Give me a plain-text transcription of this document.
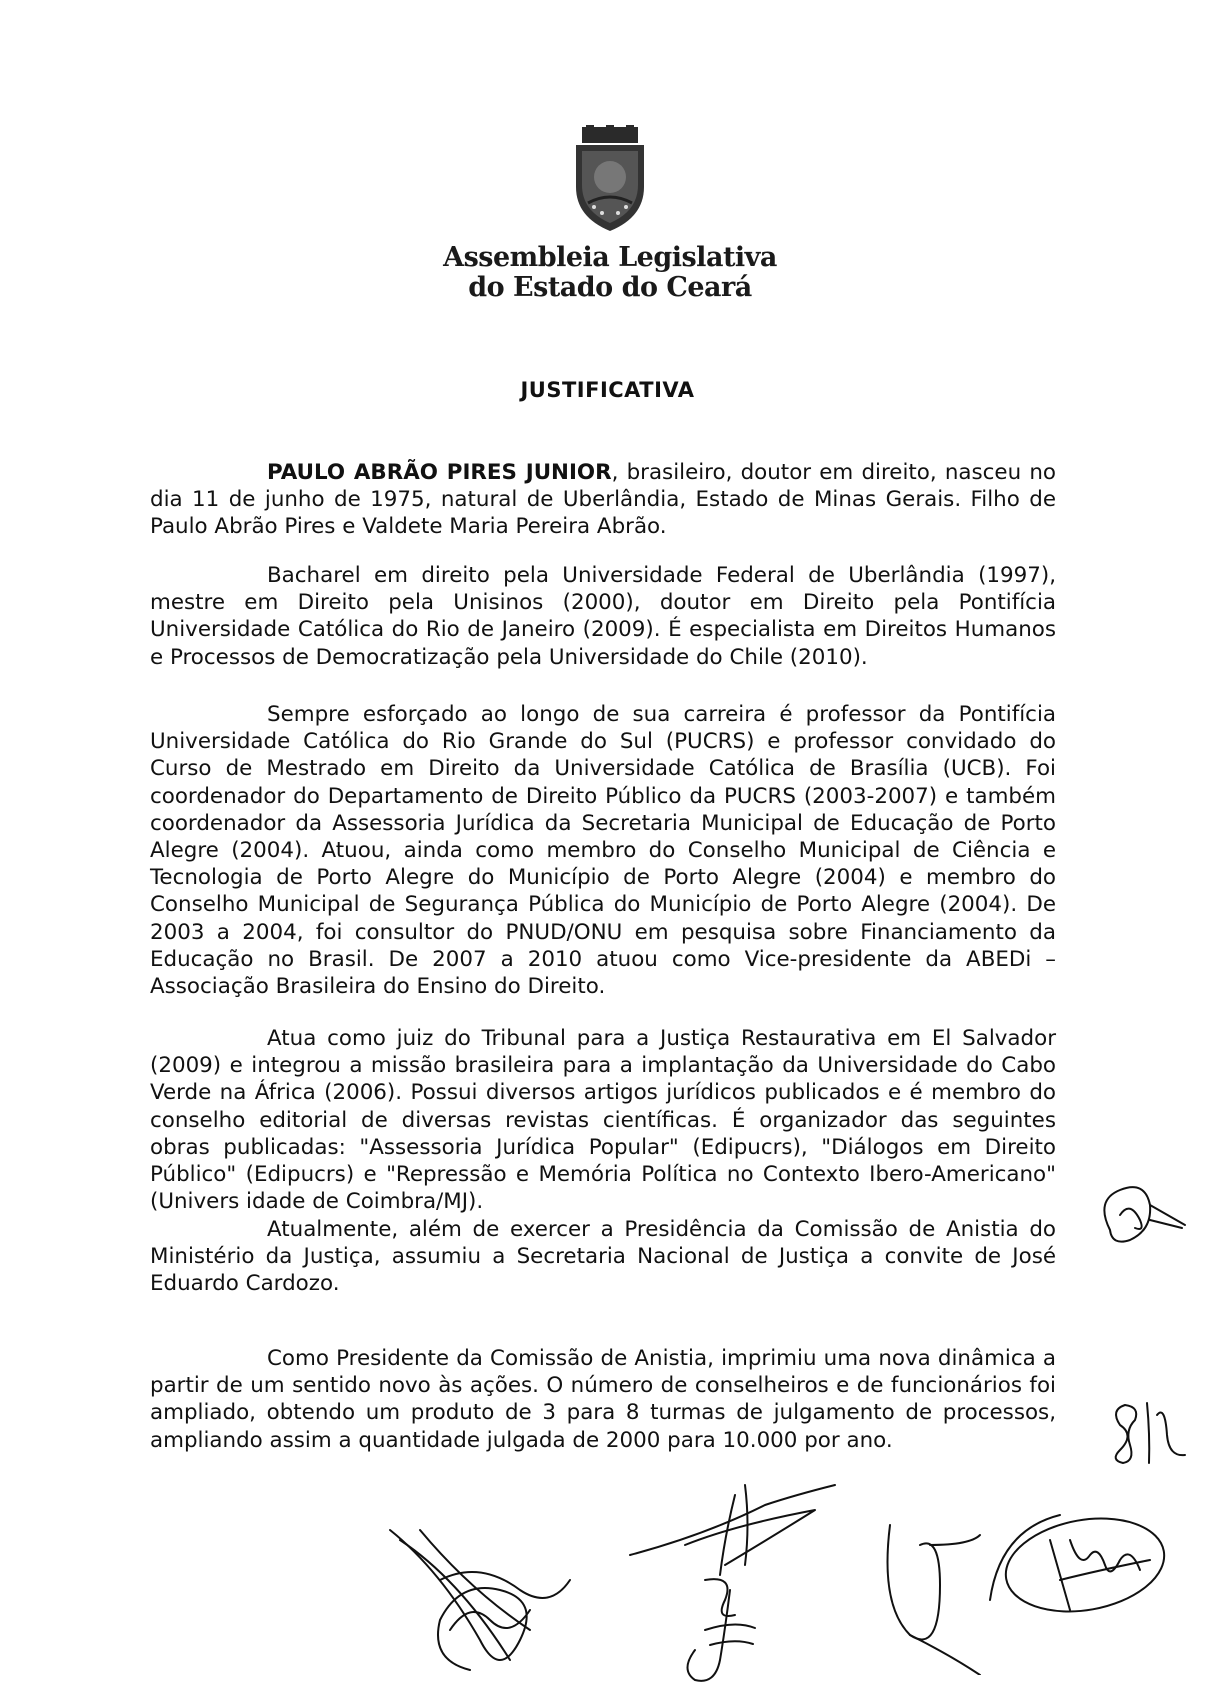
Assembleia Legislativa
do Estado do Ceará
JUSTIFICATIVA

PAULO ABRÃO PIRES JUNIOR, brasileiro, doutor em direito, nasceu no dia 11 de junho de 1975, natural de Uberlândia, Estado de Minas Gerais. Filho de Paulo Abrão Pires e Valdete Maria Pereira Abrão.

Bacharel em direito pela Universidade Federal de Uberlândia (1997), mestre em Direito pela Unisinos (2000), doutor em Direito pela Pontifícia Universidade Católica do Rio de Janeiro (2009). É especialista em Direitos Humanos e Processos de Democratização pela Universidade do Chile (2010).

Sempre esforçado ao longo de sua carreira é professor da Pontifícia Universidade Católica do Rio Grande do Sul (PUCRS) e professor convidado do Curso de Mestrado em Direito da Universidade Católica de Brasília (UCB). Foi coordenador do Departamento de Direito Público da PUCRS (2003-2007) e também coordenador da Assessoria Jurídica da Secretaria Municipal de Educação de Porto Alegre (2004). Atuou, ainda como membro do Conselho Municipal de Ciência e Tecnologia de Porto Alegre do Município de Porto Alegre (2004) e membro do Conselho Municipal de Segurança Pública do Município de Porto Alegre (2004). De 2003 a 2004, foi consultor do PNUD/ONU em pesquisa sobre Financiamento da Educação no Brasil. De 2007 a 2010 atuou como Vice-presidente da ABEDi – Associação Brasileira do Ensino do Direito.

Atua como juiz do Tribunal para a Justiça Restaurativa em El Salvador (2009) e integrou a missão brasileira para a implantação da Universidade do Cabo Verde na África (2006). Possui diversos artigos jurídicos publicados e é membro do conselho editorial de diversas revistas científicas. É organizador das seguintes obras publicadas: "Assessoria Jurídica Popular" (Edipucrs), "Diálogos em Direito Público" (Edipucrs) e "Repressão e Memória Política no Contexto Ibero-Americano" (Univers idade de Coimbra/MJ).

Atualmente, além de exercer a Presidência da Comissão de Anistia do Ministério da Justiça, assumiu a Secretaria Nacional de Justiça a convite de José Eduardo Cardozo.

Como Presidente da Comissão de Anistia, imprimiu uma nova dinâmica a partir de um sentido novo às ações. O número de conselheiros e de funcionários foi ampliado, obtendo um produto de 3 para 8 turmas de julgamento de processos, ampliando assim a quantidade julgada de 2000 para 10.000 por ano.
